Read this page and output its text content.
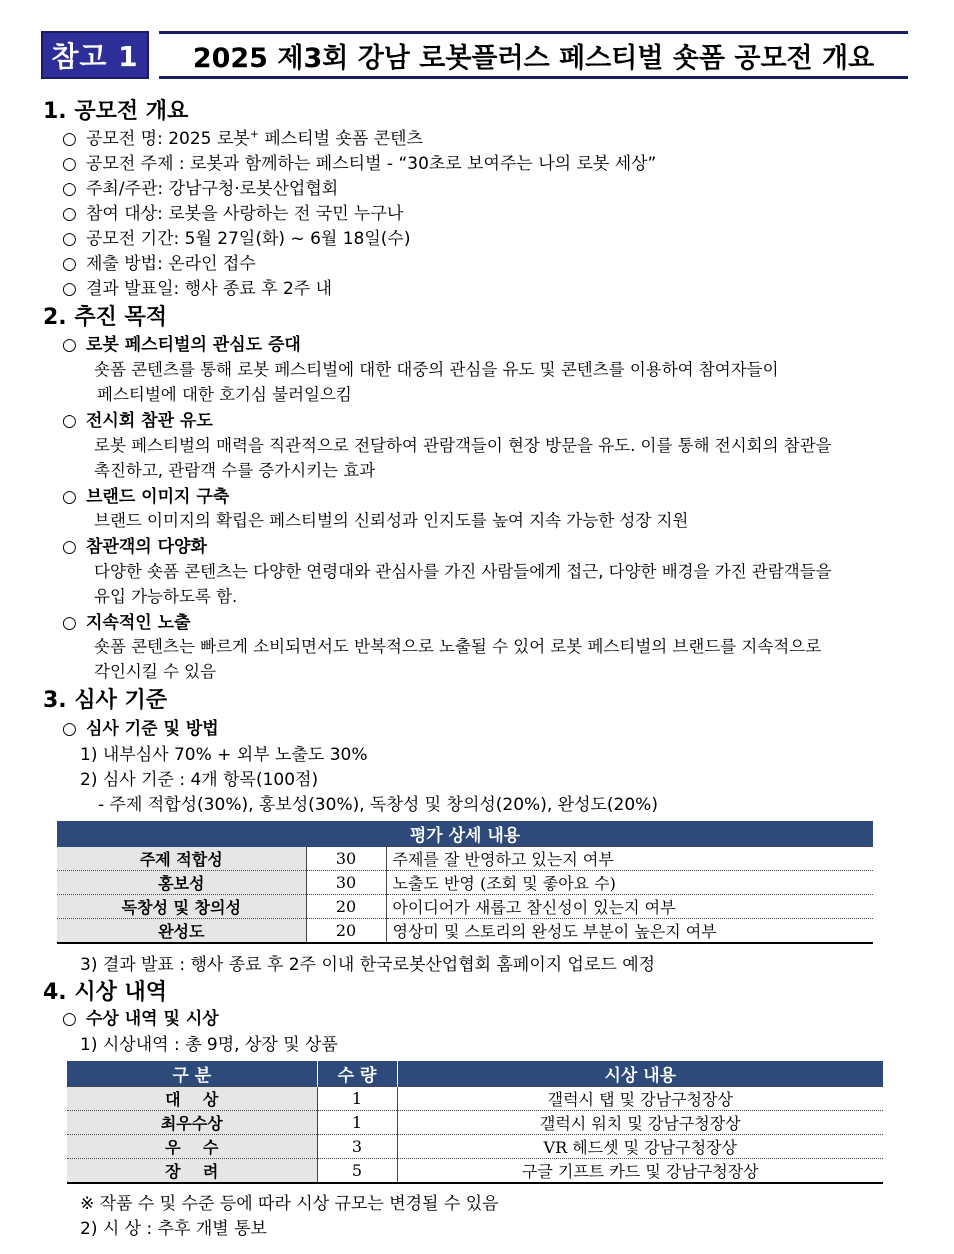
참고 1	2025 제3회 강남 로봇플러스 페스티벌 숏폼 공모전 개요
1. 공모전 개요
○ 공모전 명: 2025 로봇+ 페스티벌 숏폼 콘텐츠
○ 공모전 주제 : 로봇과 함께하는 페스티벌 - “30초로 보여주는 나의 로봇 세상”
○ 주최/주관: 강남구청·로봇산업협회
○ 참여 대상: 로봇을 사랑하는 전 국민 누구나
○ 공모전 기간: 5월 27일(화) ~ 6월 18일(수)
○ 제출 방법: 온라인 접수
○ 결과 발표일: 행사 종료 후 2주 내
2. 추진 목적
○ 로봇 페스티벌의 관심도 증대
숏폼 콘텐츠를 통해 로봇 페스티벌에 대한 대중의 관심을 유도 및 콘텐츠를 이용하여 참여자들이
페스티벌에 대한 호기심 불러일으킴
○ 전시회 참관 유도
로봇 페스티벌의 매력을 직관적으로 전달하여 관람객들이 현장 방문을 유도. 이를 통해 전시회의 참관을
촉진하고, 관람객 수를 증가시키는 효과
○ 브랜드 이미지 구축
브랜드 이미지의 확립은 페스티벌의 신뢰성과 인지도를 높여 지속 가능한 성장 지원
○ 참관객의 다양화
다양한 숏폼 콘텐츠는 다양한 연령대와 관심사를 가진 사람들에게 접근, 다양한 배경을 가진 관람객들을
유입 가능하도록 함.
○ 지속적인 노출
숏폼 콘텐츠는 빠르게 소비되면서도 반복적으로 노출될 수 있어 로봇 페스티벌의 브랜드를 지속적으로
각인시킬 수 있음
3. 심사 기준
○ 심사 기준 및 방법
1) 내부심사 70% + 외부 노출도 30%
2) 심사 기준 : 4개 항목(100점)
- 주제 적합성(30%), 홍보성(30%), 독창성 및 창의성(20%), 완성도(20%)
평가 상세 내용		
주제 적합성	30	주제를 잘 반영하고 있는지 여부
홍보성	30	노출도 반영 (조회 및 좋아요 수)
독창성 및 창의성	20	아이디어가 새롭고 참신성이 있는지 여부
완성도	20	영상미 및 스토리의 완성도 부분이 높은지 여부
3) 결과 발표 : 행사 종료 후 2주 이내 한국로봇산업협회 홈페이지 업로드 예정
4. 시상 내역
○ 수상 내역 및 시상
1) 시상내역 : 총 9명, 상장 및 상품
구 분	수 량	시상 내용
대    상	1	갤럭시 탭 및 강남구청장상
최우수상	1	갤럭시 워치 및 강남구청장상
우    수	3	VR 헤드셋 및 강남구청장상
장    려	5	구글 기프트 카드 및 강남구청장상
※ 작품 수 및 수준 등에 따라 시상 규모는 변경될 수 있음
2) 시 상 : 추후 개별 통보
